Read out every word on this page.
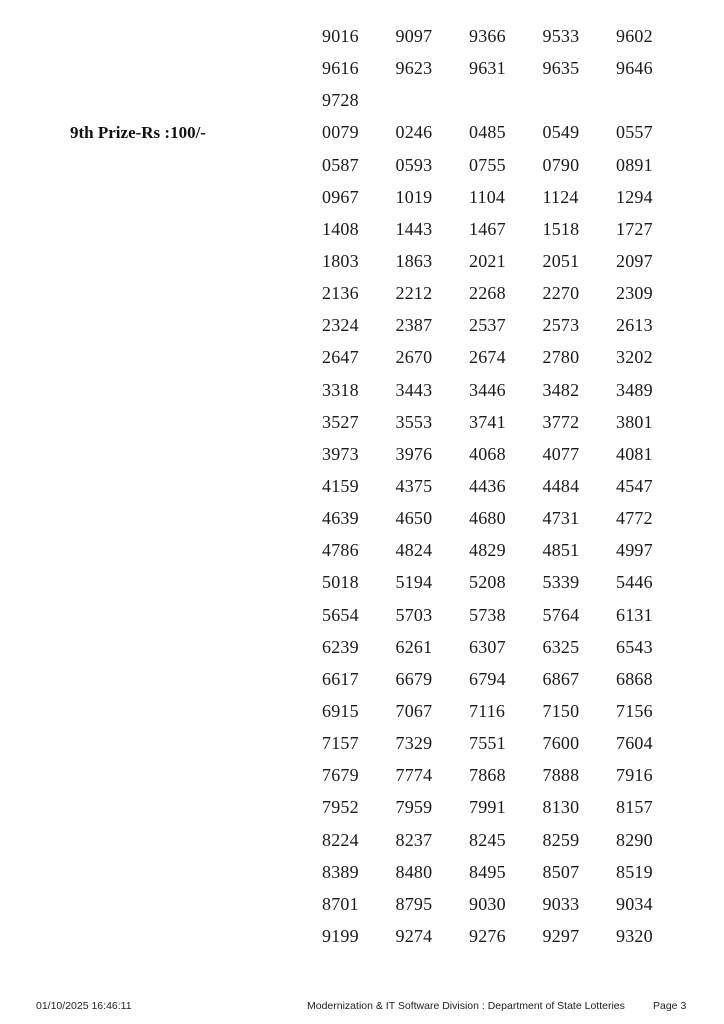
9th Prize-Rs :100/-
9016 9097 9366 9533 9602
9616 9623 9631 9635 9646
9728
0079 0246 0485 0549 0557
0587 0593 0755 0790 0891
0967 1019 1104 1124 1294
1408 1443 1467 1518 1727
1803 1863 2021 2051 2097
2136 2212 2268 2270 2309
2324 2387 2537 2573 2613
2647 2670 2674 2780 3202
3318 3443 3446 3482 3489
3527 3553 3741 3772 3801
3973 3976 4068 4077 4081
4159 4375 4436 4484 4547
4639 4650 4680 4731 4772
4786 4824 4829 4851 4997
5018 5194 5208 5339 5446
5654 5703 5738 5764 6131
6239 6261 6307 6325 6543
6617 6679 6794 6867 6868
6915 7067 7116 7150 7156
7157 7329 7551 7600 7604
7679 7774 7868 7888 7916
7952 7959 7991 8130 8157
8224 8237 8245 8259 8290
8389 8480 8495 8507 8519
8701 8795 9030 9033 9034
9199 9274 9276 9297 9320
01/10/2025 16:46:11	Modernization & IT Software Division : Department of State Lotteries	Page 3
